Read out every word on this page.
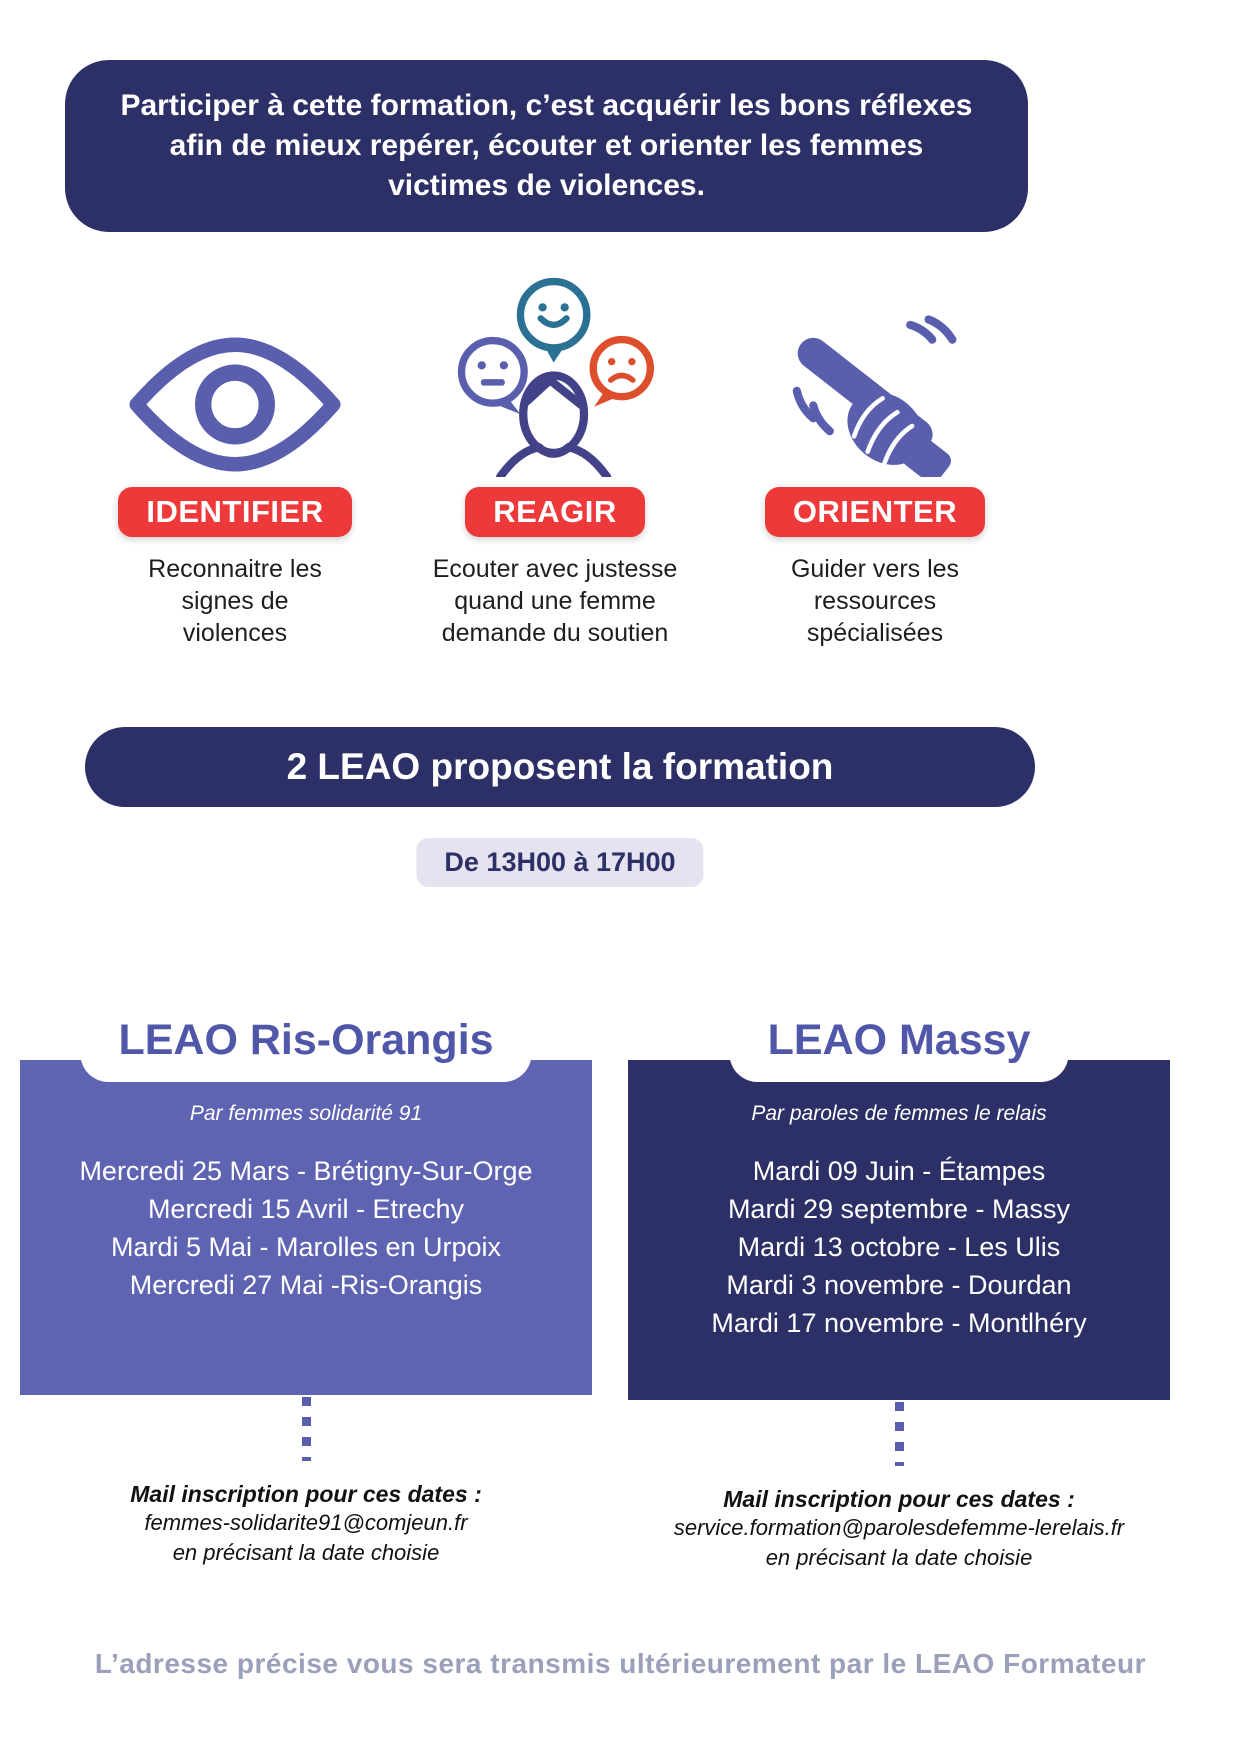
Participer à cette formation, c’est acquérir les bons réflexes afin de mieux repérer, écouter et orienter les femmes victimes de violences.

IDENTIFIER
Reconnaitre les signes de violences
REAGIR
Ecouter avec justesse quand une femme demande du soutien
ORIENTER
Guider vers les ressources spécialisées
2 LEAO proposent la formation
De 13H00 à 17H00
LEAO Ris-Orangis
Par femmes solidarité 91
Mercredi 25 Mars - Brétigny-Sur-Orge
Mercredi 15 Avril - Etrechy
Mardi 5 Mai - Marolles en Urpoix
Mercredi 27 Mai -Ris-Orangis
Mail inscription pour ces dates :
femmes-solidarite91@comjeun.fr
en précisant la date choisie
LEAO Massy
Par paroles de femmes le relais
Mardi 09 Juin - Étampes
Mardi 29 septembre - Massy
Mardi 13 octobre - Les Ulis
Mardi 3 novembre - Dourdan
Mardi 17 novembre - Montlhéry
Mail inscription pour ces dates :
service.formation@parolesdefemme-lerelais.fr
en précisant la date choisie
L’adresse précise vous sera transmis ultérieurement par le LEAO Formateur
